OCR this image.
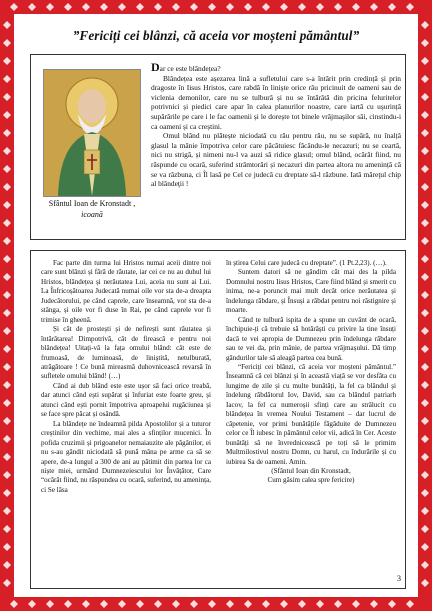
”Fericiți cei blânzi, că aceia vor moșteni pământul”
Sfântul Ioan de Kronstadt ,
icoană

Dar ce este blândețea?

Blândețea este așezarea lină a sufletului care s-a întărit prin credință și prin dragoste în Iisus Hristos, care rabdă în liniște orice rău pricinuit de oameni sau de viclenia demonilor, care nu se tulbură și nu se întărâtă din pricina feluritelor potrivnici și piedici care apar în calea planurilor noastre, care iartă cu ușurință supărările pe care i le fac oamenii și le dorește tot binele vrăjmașilor săi, cinstindu-i ca oameni și ca creștini.

Omul blând nu plătește niciodată cu rău pentru rău, nu se supără, nu înalță glasul la mânie împotriva celor care păcătuiesc făcându-le necazuri; nu se ceartă, nici nu strigă, și nimeni nu-l va auzi să ridice glasul; omul blând, ocărât fiind, nu răspunde cu ocară, suferind strâmtorări și necazuri din partea altora nu amenință că se va răzbuna, ci Îl lasă pe Cel ce judecă cu dreptate să-l răzbune. Iată măreţul chip al blândeţii !

Fac parte din turma lui Hristos numai aceii dintre noi care sunt blânzi și fără de răutate, iar cei ce nu au duhul lui Hristos, blândețea și nerăutatea Lui, aceia nu sunt ai Lui. La Înfricoșătoarea Judecată numai oile vor sta de-a dreapta Judecătorului, pe când caprele, care înseamnă, vor sta de-a stânga, și oile vor fi duse în Rai, pe când caprele vor fi trimise în gheenă.

Și cât de prostești și de nefirești sunt răutatea și întărâtarea! Dimpotrivă, cât de firească e pentru noi blândețea! Uitați-vă la fața omului blând: cât este de frumoasă, de luminoasă, de liniștită, netulburată, atrăgătoare ! Ce bună mireasmă duhovnicească revarsă în sufletele omului blând! (…)

Când ai dub blând este este ușor să faci orice treabă, dar atunci când ești supărat și înfuriat este foarte greu, și atunci când ești pornit împotriva aproapelui rugăciunea și se face spre păcat și osândă.

La blândețe ne îndeamnă pilda Apostolilor și a tuturor creștinilor din vechime, mai ales a sfinților mucenici. În pofida cruzimii și prigoanelor nemaiauzite ale păgânilor, ei nu s-au gândit niciodată să pună mâna pe arme ca să se apere, de-a lungul a 300 de ani au pătimit din partea lor ca niște miei, urmând Dumnezeiescului lor Învățător, Care “ocărât fiind, nu răspundea cu ocară, suferind, nu amenința, ci Se lăsa

în știrea Celui care judecă cu dreptate”. (1 Pt.2,23). (…).

Suntem datori să ne gândim cât mai des la pilda Domnului nostru Iisus Hristos, Care fiind blând și smerit cu inima, ne-a poruncit mai mult decât orice nerăutatea și îndelunga răbdare, și Însuși a răbdat pentru noi răstignire și moarte.

Când te tulbură ispita de a spune un cuvânt de ocară, închipuie-ți că trebuie să hotărăști cu privire la tine însuți dacă te vei apropia de Dumnezeu prin îndelunga răbdare sau te vei da, prin mânie, de partea vrăjmașului. Dă timp gândurilor tale să aleagă partea cea bună.

“Fericiți cei blânzi, că aceia vor moșteni pământul.” Înseamnă că cei blânzi și în această viață se vor desfăta cu lungime de zile și cu multe bunătăți, la fel ca blândul și îndelung răbdătorul Iov, David, sau ca blândul patriarh Iacov, la fel ca numeroșii sfinți care au strălucit cu blândețea în vremea Noului Testament – dar lucrul de căpetenie, vor primi bunătățile făgăduite de Dumnezeu celor ce Îl iubesc în pământul celor vii, adică în Cer. Aceste bunătăți să ne învrednicească pe toți să le primim Multmilostivul nostru Domn, cu harul, cu îndurările și cu iubirea Sa de oameni. Amin.

(Sfântul Ioan din Kronstadt,

Cum găsim calea spre fericire)

3
